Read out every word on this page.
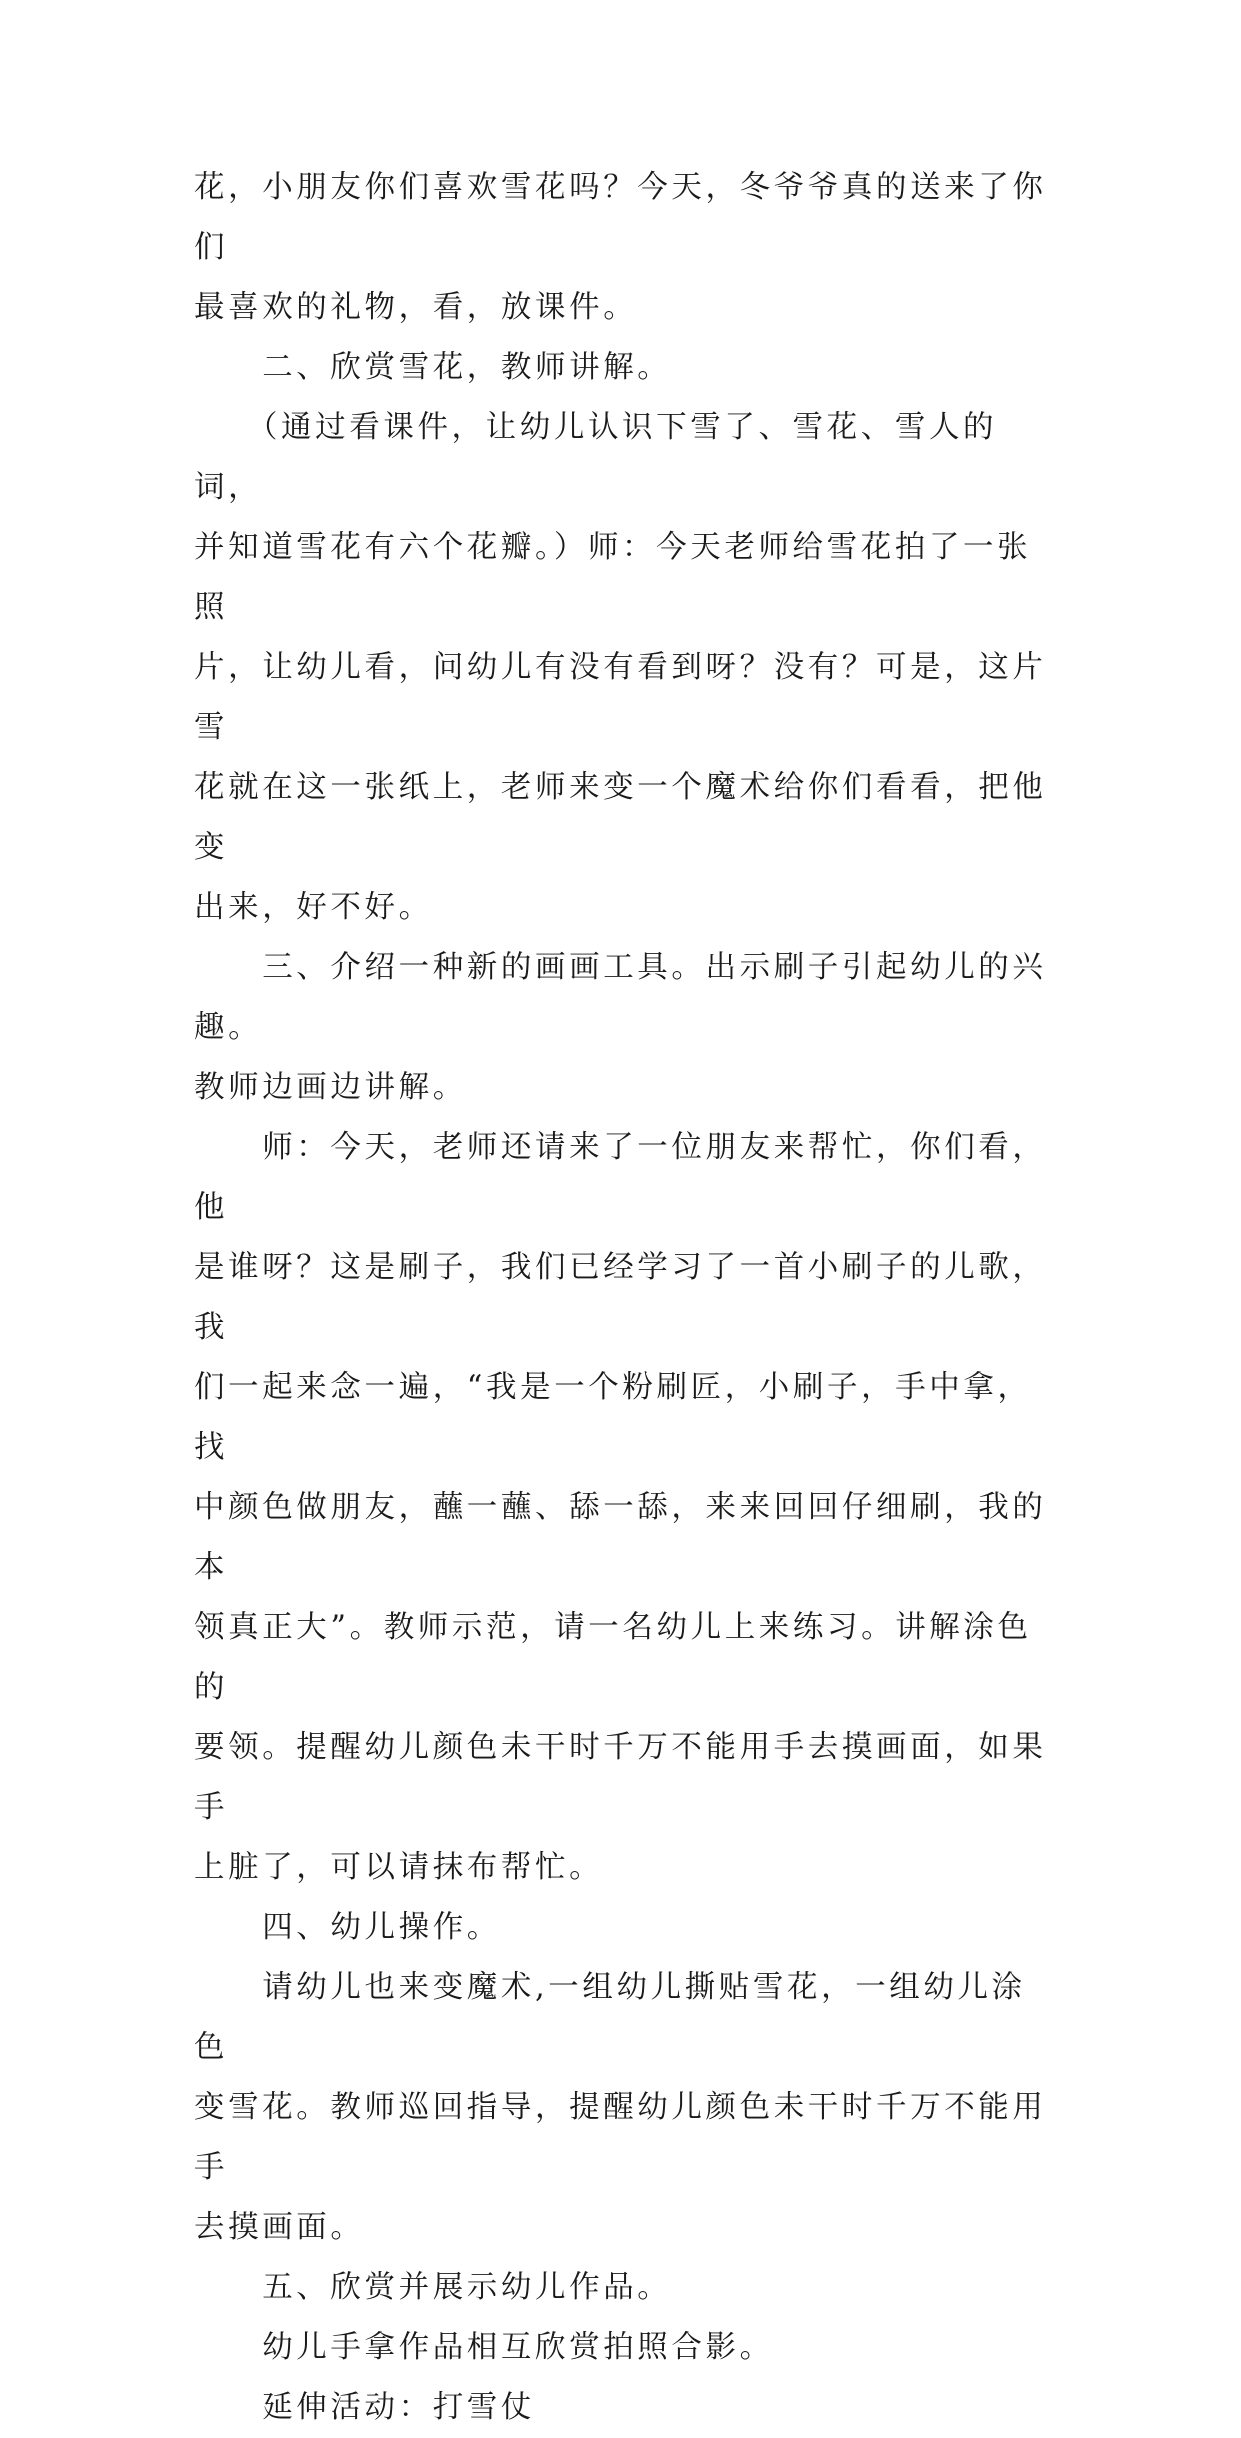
花，小朋友你们喜欢雪花吗？今天，冬爷爷真的送来了你们

最喜欢的礼物，看，放课件。

　　二、欣赏雪花，教师讲解。

　　（通过看课件，让幼儿认识下雪了、雪花、雪人的词，

并知道雪花有六个花瓣。）师：今天老师给雪花拍了一张照

片，让幼儿看，问幼儿有没有看到呀？没有？可是，这片雪

花就在这一张纸上，老师来变一个魔术给你们看看，把他变

出来，好不好。

　　三、介绍一种新的画画工具。出示刷子引起幼儿的兴趣。

教师边画边讲解。

　　师：今天，老师还请来了一位朋友来帮忙，你们看，他

是谁呀？这是刷子，我们已经学习了一首小刷子的儿歌，我

们一起来念一遍，“我是一个粉刷匠，小刷子，手中拿，找

中颜色做朋友，蘸一蘸、舔一舔，来来回回仔细刷，我的本

领真正大”。教师示范，请一名幼儿上来练习。讲解涂色的

要领。提醒幼儿颜色未干时千万不能用手去摸画面，如果手

上脏了，可以请抹布帮忙。

　　四、幼儿操作。

　　请幼儿也来变魔术,一组幼儿撕贴雪花，一组幼儿涂色

变雪花。教师巡回指导，提醒幼儿颜色未干时千万不能用手

去摸画面。

　　五、欣赏并展示幼儿作品。

　　幼儿手拿作品相互欣赏拍照合影。

　　延伸活动：打雪仗
